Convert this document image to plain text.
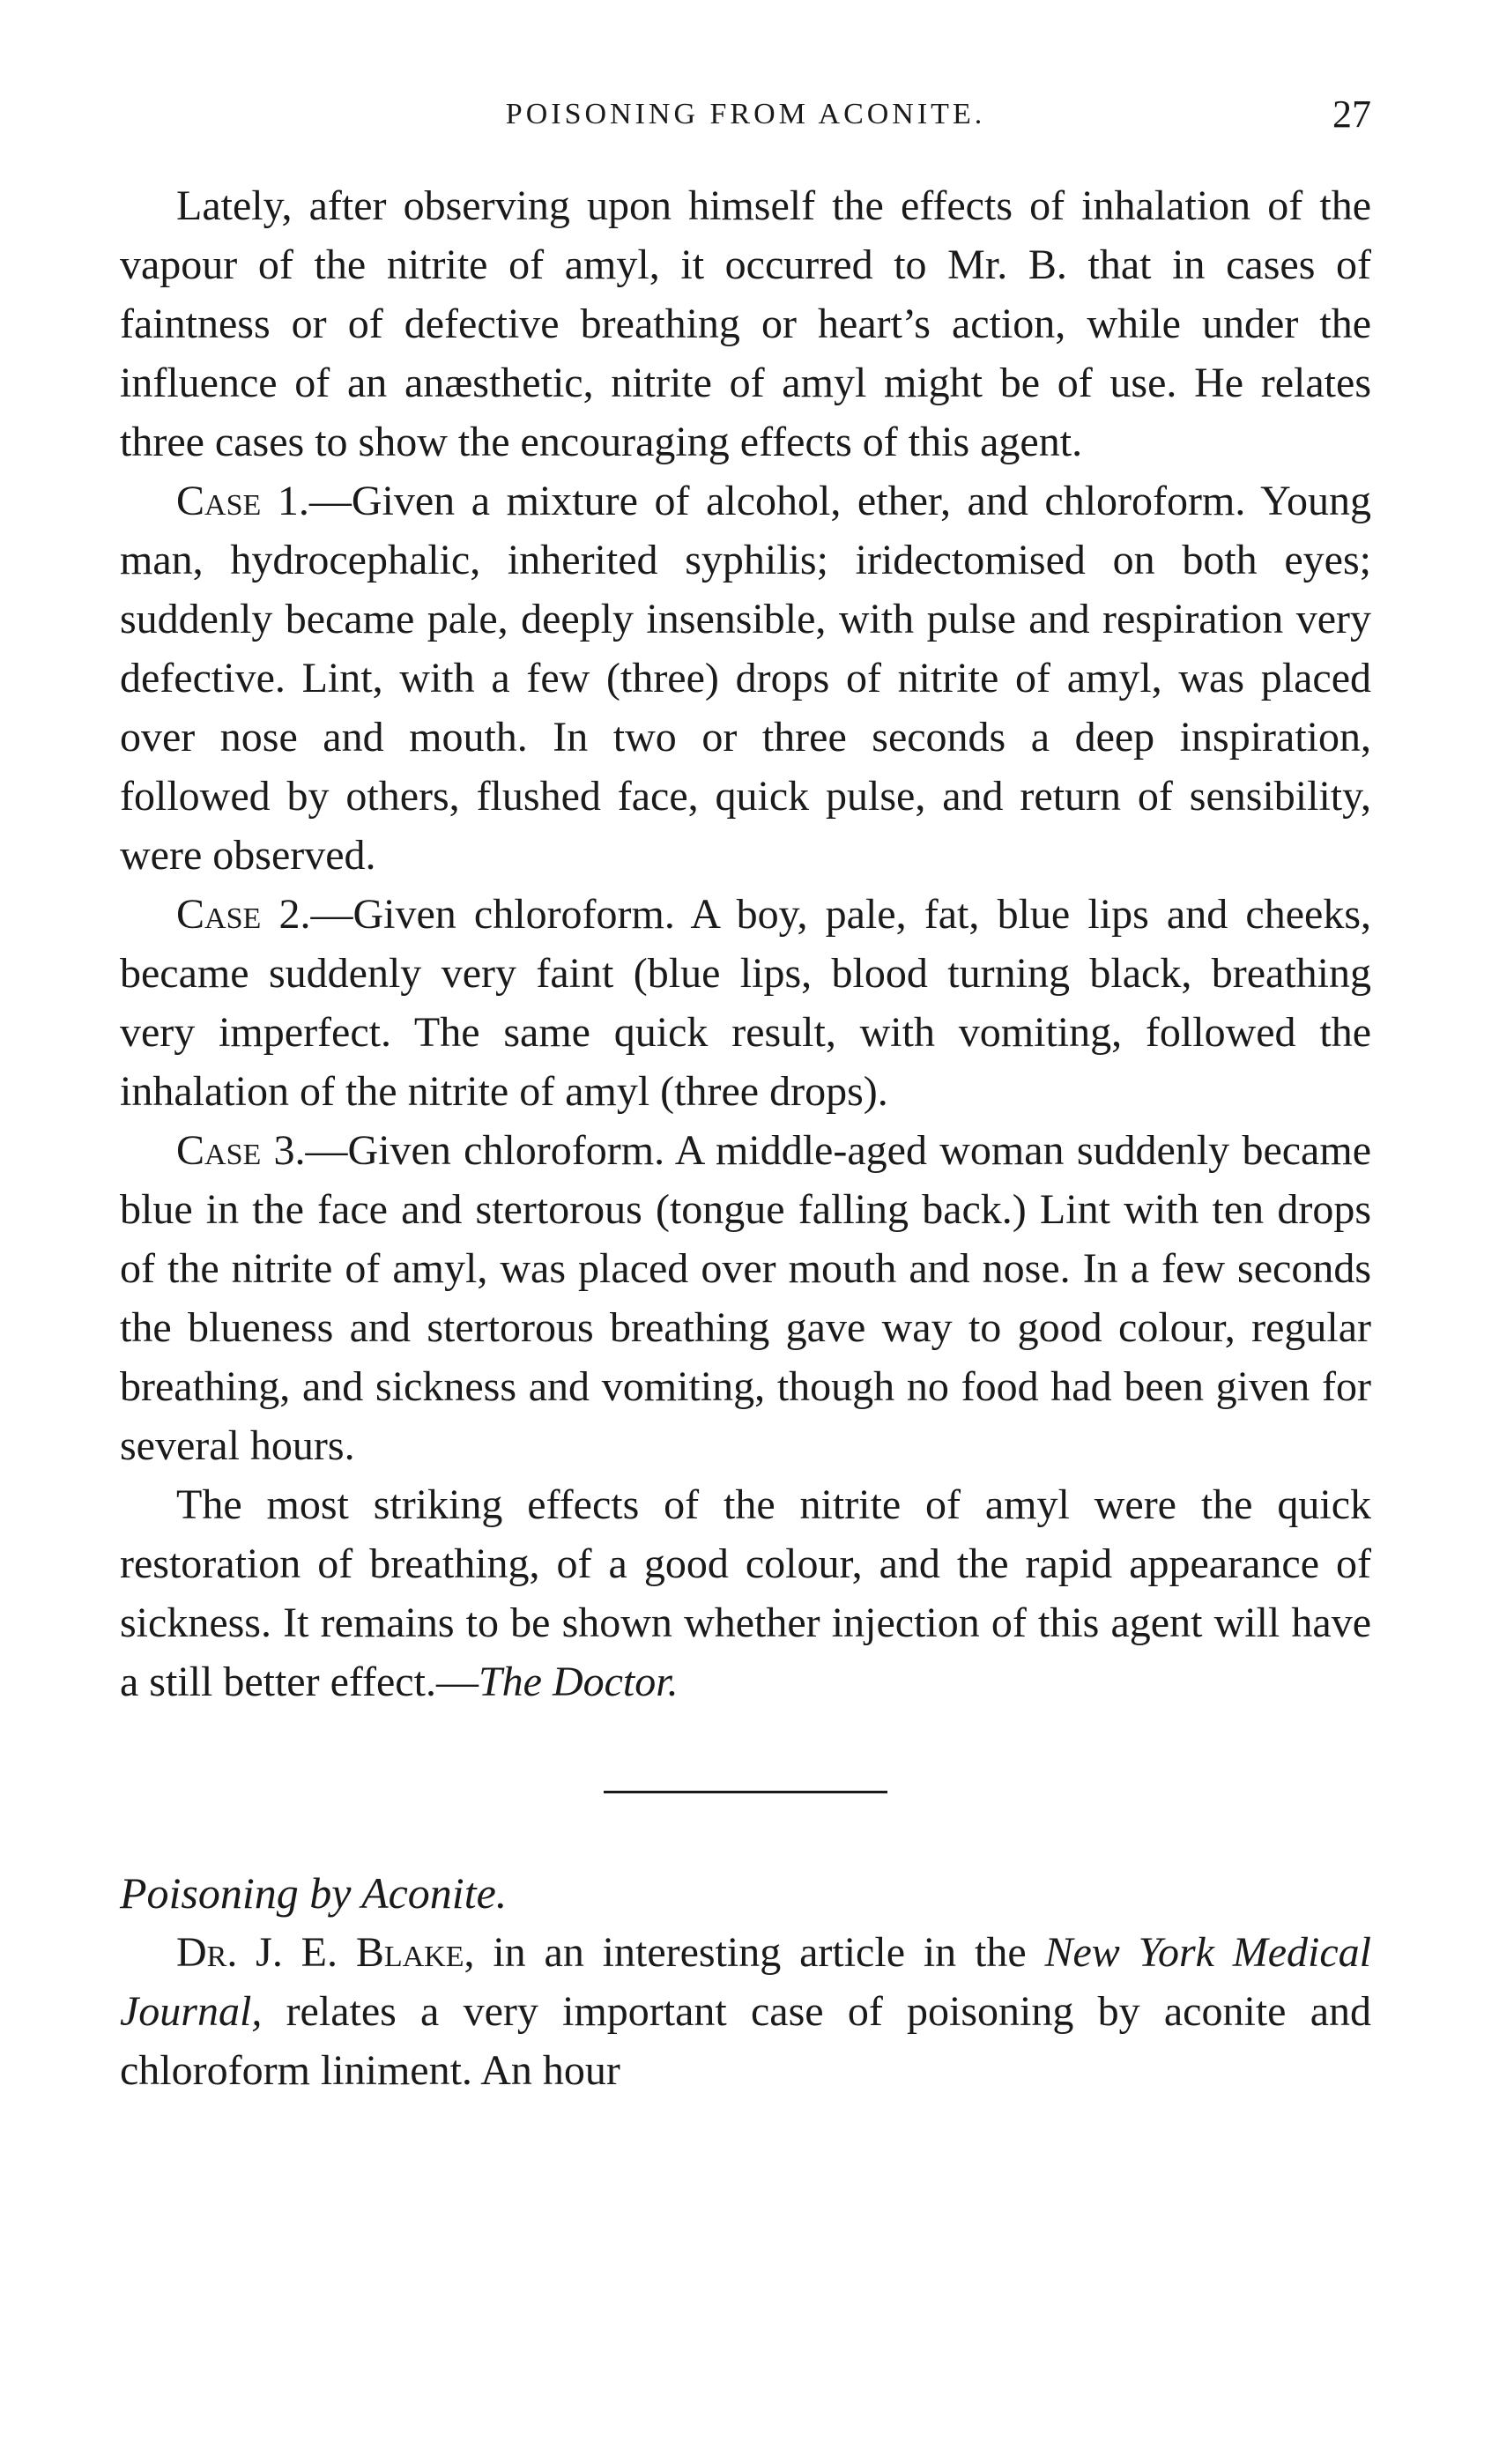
POISONING FROM ACONITE.	27

Lately, after observing upon himself the effects of inhalation of the vapour of the nitrite of amyl, it occurred to Mr. B. that in cases of faintness or of defective breathing or heart’s action, while under the influence of an anæsthetic, nitrite of amyl might be of use. He relates three cases to show the encouraging effects of this agent.

Case 1.—Given a mixture of alcohol, ether, and chloroform. Young man, hydrocephalic, inherited syphilis; iridectomised on both eyes; suddenly became pale, deeply insensible, with pulse and respiration very defective. Lint, with a few (three) drops of nitrite of amyl, was placed over nose and mouth. In two or three seconds a deep inspiration, followed by others, flushed face, quick pulse, and return of sensibility, were observed.

Case 2.—Given chloroform. A boy, pale, fat, blue lips and cheeks, became suddenly very faint (blue lips, blood turning black, breathing very imperfect. The same quick result, with vomiting, followed the inhalation of the nitrite of amyl (three drops).

Case 3.—Given chloroform. A middle-aged woman suddenly became blue in the face and stertorous (tongue falling back.) Lint with ten drops of the nitrite of amyl, was placed over mouth and nose. In a few seconds the blueness and stertorous breathing gave way to good colour, regular breathing, and sickness and vomiting, though no food had been given for several hours.

The most striking effects of the nitrite of amyl were the quick restoration of breathing, of a good colour, and the rapid appearance of sickness. It remains to be shown whether injection of this agent will have a still better effect.—The Doctor.

Poisoning by Aconite.

Dr. J. E. Blake, in an interesting article in the New York Medical Journal, relates a very important case of poisoning by aconite and chloroform liniment. An hour
